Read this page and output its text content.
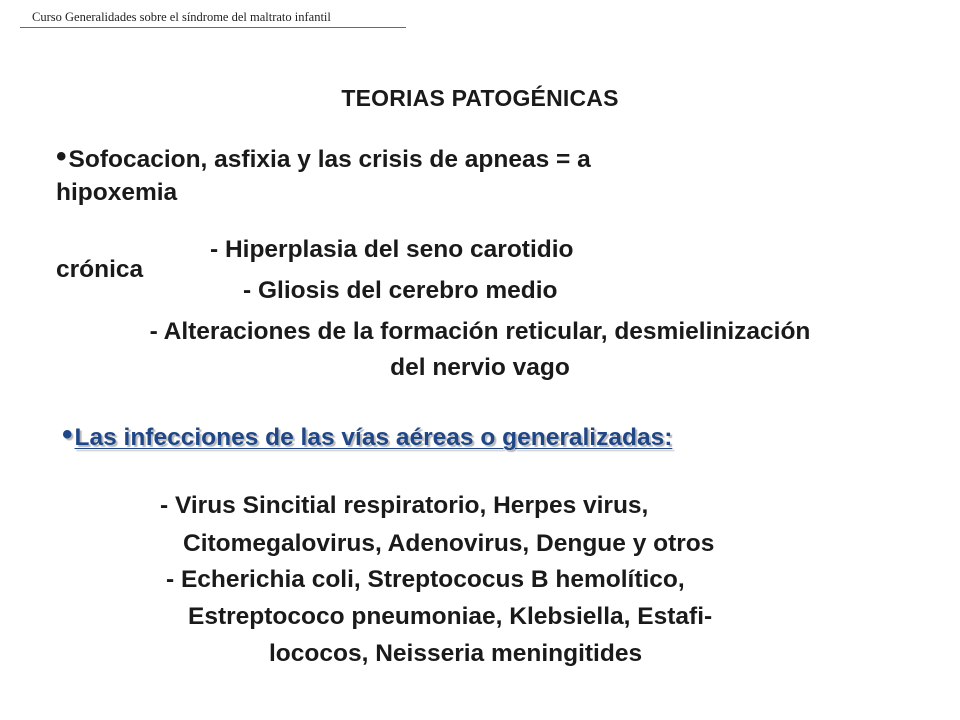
Curso Generalidades sobre el síndrome del maltrato infantil
TEORIAS PATOGÉNICAS
•Sofocacion, asfixia y las crisis de apneas = a
hipoxemia
crónica
- Hiperplasia del seno carotidio
- Gliosis del cerebro medio
- Alteraciones de la formación reticular, desmielinización
del nervio vago
•Las infecciones de las vías aéreas o generalizadas:
- Virus Sincitial respiratorio, Herpes virus,
Citomegalovirus, Adenovirus, Dengue y otros
- Echerichia coli, Streptococus B hemolítico,
Estreptococo pneumoniae, Klebsiella, Estafi-
lococos, Neisseria meningitides
